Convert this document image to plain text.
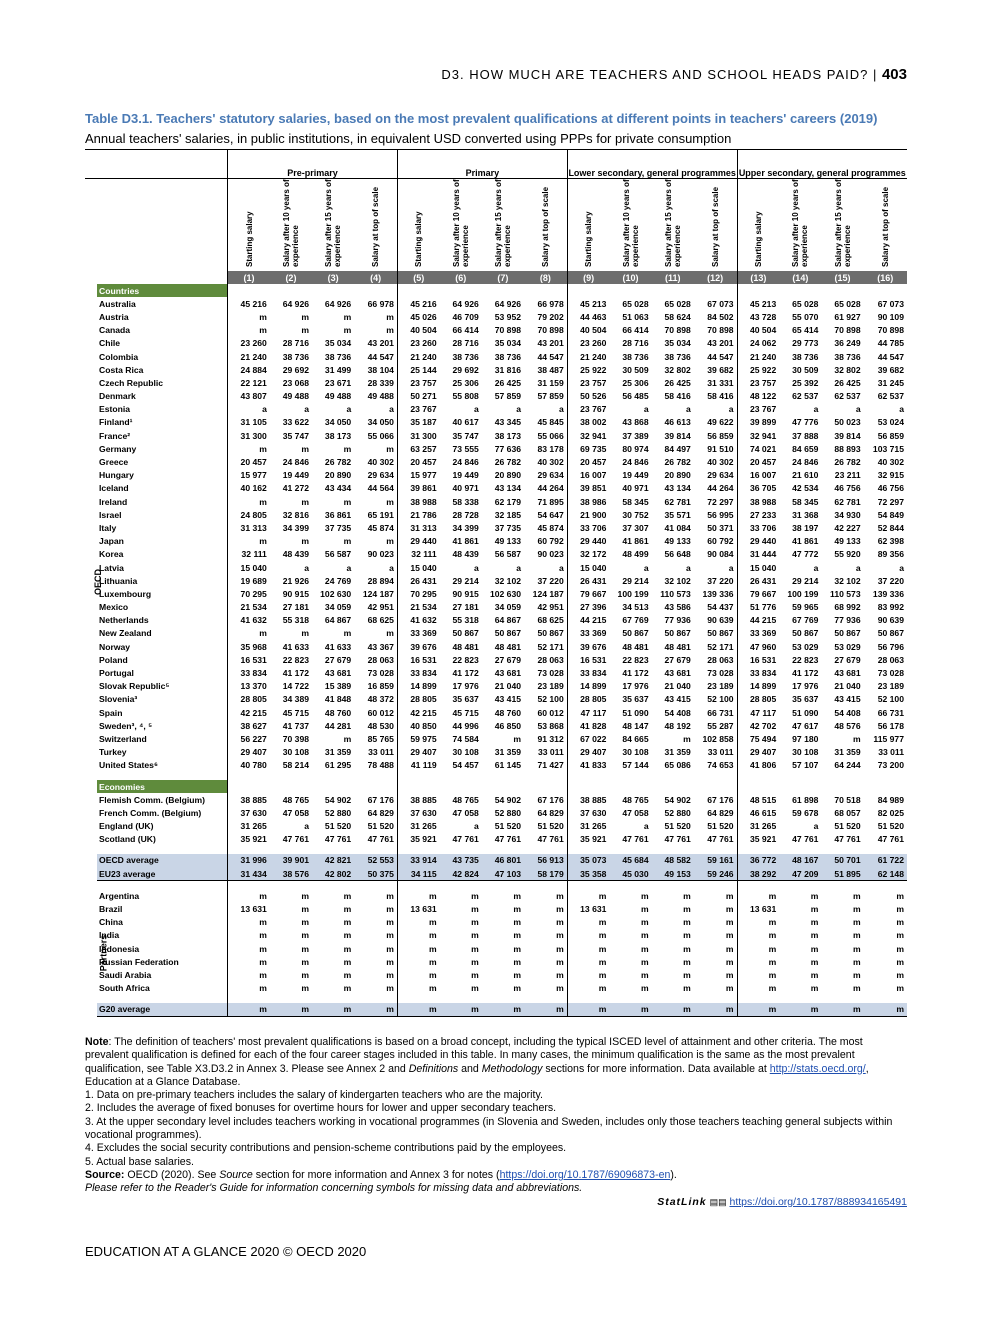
D3. HOW MUCH ARE TEACHERS AND SCHOOL HEADS PAID? | 403
Table D3.1. Teachers' statutory salaries, based on the most prevalent qualifications at different points in teachers' careers (2019)
Annual teachers' salaries, in public institutions, in equivalent USD converted using PPPs for private consumption
		Pre-primary				Primary				Lower secondary, general programmes				Upper secondary, general programmes			
		Starting salary	Salary after 10 years of experience	Salary after 15 years of experience	Salary at top of scale	Starting salary	Salary after 10 years of experience	Salary after 15 years of experience	Salary at top of scale	Starting salary	Salary after 10 years of experience	Salary after 15 years of experience	Salary at top of scale	Starting salary	Salary after 10 years of experience	Salary after 15 years of experience	Salary at top of scale
		(1)	(2)	(3)	(4)	(5)	(6)	(7)	(8)	(9)	(10)	(11)	(12)	(13)	(14)	(15)	(16)
OECD	Countries																
	Australia	45 216	64 926	64 926	66 978	45 216	64 926	64 926	66 978	45 213	65 028	65 028	67 073	45 213	65 028	65 028	67 073
	Austria	m	m	m	m	45 026	46 709	53 952	79 202	44 463	51 063	58 624	84 502	43 728	55 070	61 927	90 109
	Canada	m	m	m	m	40 504	66 414	70 898	70 898	40 504	66 414	70 898	70 898	40 504	65 414	70 898	70 898
	Chile	23 260	28 716	35 034	43 201	23 260	28 716	35 034	43 201	23 260	28 716	35 034	43 201	24 062	29 773	36 249	44 785
	Colombia	21 240	38 736	38 736	44 547	21 240	38 736	38 736	44 547	21 240	38 736	38 736	44 547	21 240	38 736	38 736	44 547
	Costa Rica	24 884	29 692	31 499	38 104	25 144	29 692	31 816	38 487	25 922	30 509	32 802	39 682	25 922	30 509	32 802	39 682
	Czech Republic	22 121	23 068	23 671	28 339	23 757	25 306	26 425	31 159	23 757	25 306	26 425	31 331	23 757	25 392	26 425	31 245
	Denmark	43 807	49 488	49 488	49 488	50 271	55 808	57 859	57 859	50 526	56 485	58 416	58 416	48 122	62 537	62 537	62 537
	Estonia	a	a	a	a	23 767	a	a	a	23 767	a	a	a	23 767	a	a	a
	Finland¹	31 105	33 622	34 050	34 050	35 187	40 617	43 345	45 845	38 002	43 868	46 613	49 622	39 899	47 776	50 023	53 024
	France²	31 300	35 747	38 173	55 066	31 300	35 747	38 173	55 066	32 941	37 389	39 814	56 859	32 941	37 888	39 814	56 859
	Germany	m	m	m	m	63 257	73 555	77 636	83 178	69 735	80 974	84 497	91 510	74 021	84 659	88 893	103 715
	Greece	20 457	24 846	26 782	40 302	20 457	24 846	26 782	40 302	20 457	24 846	26 782	40 302	20 457	24 846	26 782	40 302
	Hungary	15 977	19 449	20 890	29 634	15 977	19 449	20 890	29 634	16 007	19 449	20 890	29 634	16 007	21 610	23 211	32 915
	Iceland	40 162	41 272	43 434	44 564	39 861	40 971	43 134	44 264	39 851	40 971	43 134	44 264	36 705	42 534	46 756	46 756
	Ireland	m	m	m	m	38 988	58 338	62 179	71 895	38 986	58 345	62 781	72 297	38 988	58 345	62 781	72 297
	Israel	24 805	32 816	36 861	65 191	21 786	28 728	32 185	54 647	21 900	30 752	35 571	56 995	27 233	31 368	34 930	54 849
	Italy	31 313	34 399	37 735	45 874	31 313	34 399	37 735	45 874	33 706	37 307	41 084	50 371	33 706	38 197	42 227	52 844
	Japan	m	m	m	m	29 440	41 861	49 133	60 792	29 440	41 861	49 133	60 792	29 440	41 861	49 133	62 398
	Korea	32 111	48 439	56 587	90 023	32 111	48 439	56 587	90 023	32 172	48 499	56 648	90 084	31 444	47 772	55 920	89 356
	Latvia	15 040	a	a	a	15 040	a	a	a	15 040	a	a	a	15 040	a	a	a
	Lithuania	19 689	21 926	24 769	28 894	26 431	29 214	32 102	37 220	26 431	29 214	32 102	37 220	26 431	29 214	32 102	37 220
	Luxembourg	70 295	90 915	102 630	124 187	70 295	90 915	102 630	124 187	79 667	100 199	110 573	139 336	79 667	100 199	110 573	139 336
	Mexico	21 534	27 181	34 059	42 951	21 534	27 181	34 059	42 951	27 396	34 513	43 586	54 437	51 776	59 965	68 992	83 992
	Netherlands	41 632	55 318	64 867	68 625	41 632	55 318	64 867	68 625	44 215	67 769	77 936	90 639	44 215	67 769	77 936	90 639
	New Zealand	m	m	m	m	33 369	50 867	50 867	50 867	33 369	50 867	50 867	50 867	33 369	50 867	50 867	50 867
	Norway	35 968	41 633	41 633	43 367	39 676	48 481	48 481	52 171	39 676	48 481	48 481	52 171	47 960	53 029	53 029	56 796
	Poland	16 531	22 823	27 679	28 063	16 531	22 823	27 679	28 063	16 531	22 823	27 679	28 063	16 531	22 823	27 679	28 063
	Portugal	33 834	41 172	43 681	73 028	33 834	41 172	43 681	73 028	33 834	41 172	43 681	73 028	33 834	41 172	43 681	73 028
	Slovak Republic⁵	13 370	14 722	15 389	16 859	14 899	17 976	21 040	23 189	14 899	17 976	21 040	23 189	14 899	17 976	21 040	23 189
	Slovenia³	28 805	34 389	41 848	48 372	28 805	35 637	43 415	52 100	28 805	35 637	43 415	52 100	28 805	35 637	43 415	52 100
	Spain	42 215	45 715	48 760	60 012	42 215	45 715	48 760	60 012	47 117	51 090	54 408	66 731	47 117	51 090	54 408	66 731
	Sweden³, ⁴, ⁵	38 627	41 737	44 281	48 530	40 850	44 996	46 850	53 868	41 828	48 147	48 192	55 287	42 702	47 617	48 576	56 178
	Switzerland	56 227	70 398	m	85 765	59 975	74 584	m	91 312	67 022	84 665	m	102 858	75 494	97 180	m	115 977
	Turkey	29 407	30 108	31 359	33 011	29 407	30 108	31 359	33 011	29 407	30 108	31 359	33 011	29 407	30 108	31 359	33 011
	United States⁶	40 780	58 214	61 295	78 488	41 119	54 457	61 145	71 427	41 833	57 144	65 086	74 653	41 806	57 107	64 244	73 200

	Economies																
	Flemish Comm. (Belgium)	38 885	48 765	54 902	67 176	38 885	48 765	54 902	67 176	38 885	48 765	54 902	67 176	48 515	61 898	70 518	84 989
	French Comm. (Belgium)	37 630	47 058	52 880	64 829	37 630	47 058	52 880	64 829	37 630	47 058	52 880	64 829	46 615	59 678	68 057	82 025
	England (UK)	31 265	a	51 520	51 520	31 265	a	51 520	51 520	31 265	a	51 520	51 520	31 265	a	51 520	51 520
	Scotland (UK)	35 921	47 761	47 761	47 761	35 921	47 761	47 761	47 761	35 921	47 761	47 761	47 761	35 921	47 761	47 761	47 761

	OECD average	31 996	39 901	42 821	52 553	33 914	43 735	46 801	56 913	35 073	45 684	48 582	59 161	36 772	48 167	50 701	61 722
	EU23 average	31 434	38 576	42 802	50 375	34 115	42 824	47 103	58 179	35 358	45 030	49 153	59 246	38 292	47 209	51 895	62 148

Partners	Argentina	m	m	m	m	m	m	m	m	m	m	m	m	m	m	m	m
	Brazil	13 631	m	m	m	13 631	m	m	m	13 631	m	m	m	13 631	m	m	m
	China	m	m	m	m	m	m	m	m	m	m	m	m	m	m	m	m
	India	m	m	m	m	m	m	m	m	m	m	m	m	m	m	m	m
	Indonesia	m	m	m	m	m	m	m	m	m	m	m	m	m	m	m	m
	Russian Federation	m	m	m	m	m	m	m	m	m	m	m	m	m	m	m	m
	Saudi Arabia	m	m	m	m	m	m	m	m	m	m	m	m	m	m	m	m
	South Africa	m	m	m	m	m	m	m	m	m	m	m	m	m	m	m	m

	G20 average	m	m	m	m	m	m	m	m	m	m	m	m	m	m	m	m

Note: The definition of teachers' most prevalent qualifications is based on a broad concept, including the typical ISCED level of attainment and other criteria. The most prevalent qualification is defined for each of the four career stages included in this table. In many cases, the minimum qualification is the same as the most prevalent qualification, see Table X3.D3.2 in Annex 3. Please see Annex 2 and Definitions and Methodology sections for more information. Data available at http://stats.oecd.org/, Education at a Glance Database.

1. Data on pre-primary teachers includes the salary of kindergarten teachers who are the majority.

2. Includes the average of fixed bonuses for overtime hours for lower and upper secondary teachers.

3. At the upper secondary level includes teachers working in vocational programmes (in Slovenia and Sweden, includes only those teachers teaching general subjects within vocational programmes).

4. Excludes the social security contributions and pension-scheme contributions paid by the employees.

5. Actual base salaries.

Source: OECD (2020). See Source section for more information and Annex 3 for notes (https://doi.org/10.1787/69096873-en).

Please refer to the Reader's Guide for information concerning symbols for missing data and abbreviations.

StatLink ▤▤ https://doi.org/10.1787/888934165491
EDUCATION AT A GLANCE 2020 © OECD 2020
